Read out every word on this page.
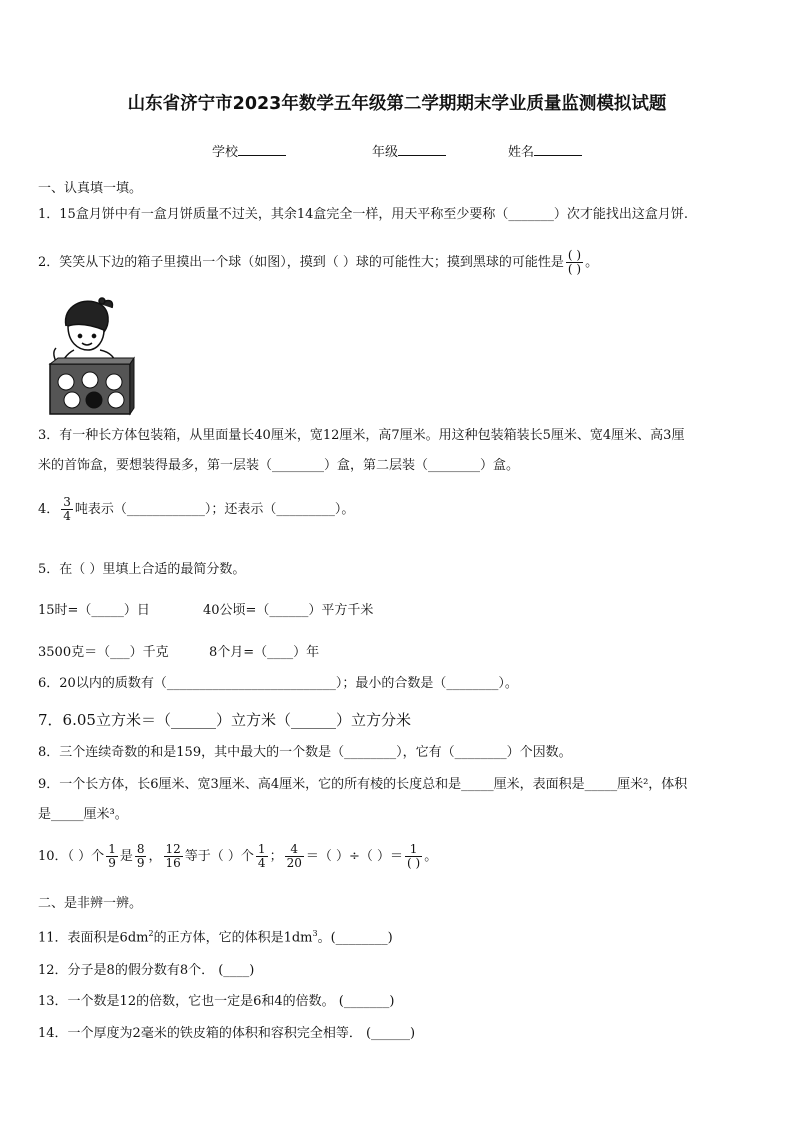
山东省济宁市2023年数学五年级第二学期期末学业质量监测模拟试题
学校	年级	姓名
一、认真填一填。
1．15盒月饼中有一盒月饼质量不过关，其余14盒完全一样，用天平称至少要称（_______）次才能找出这盒月饼.
2．笑笑从下边的箱子里摸出一个球（如图），摸到（ ）球的可能性大；摸到黑球的可能性是 $\frac{( )}{( )}$ 。
3．有一种长方体包装箱，从里面量长40厘米，宽12厘米，高7厘米。用这种包装箱装长5厘米、宽4厘米、高3厘
米的首饰盒，要想装得最多，第一层装（________）盒，第二层装（________）盒。
4． $\frac{3}{4}$ 吨表示（____________）；还表示（_________）。
5．在（ ）里填上合适的最简分数。
15时=（_____）日	40公顷=（______）平方千米
3500克＝（___）千克	8个月=（____）年
6．20以内的质数有（__________________________）；最小的合数是（________）。
7．6.05立方米＝（______）立方米（______）立方分米
8．三个连续奇数的和是159，其中最大的一个数是（________），它有（________）个因数。
9．一个长方体，长6厘米、宽3厘米、高4厘米，它的所有棱的长度总和是_____厘米，表面积是_____厘米²，体积
是_____厘米³。
10．（ ）个 $\frac{1}{9}$ 是 $\frac{8}{9}$ ， $\frac{12}{16}$ 等于（ ）个 $\frac{1}{4}$ ； $\frac{4}{20}$ ＝（ ）÷（ ）＝ $\frac{1}{( )}$ 。
二、是非辨一辨。
11．表面积是$6dm^2$的正方体，它的体积是$1dm^3$。(________)
12．分子是8的假分数有8个． (____)
13．一个数是12的倍数，它也一定是6和4的倍数。 (_______)
14．一个厚度为2毫米的铁皮箱的体积和容积完全相等． (______)
